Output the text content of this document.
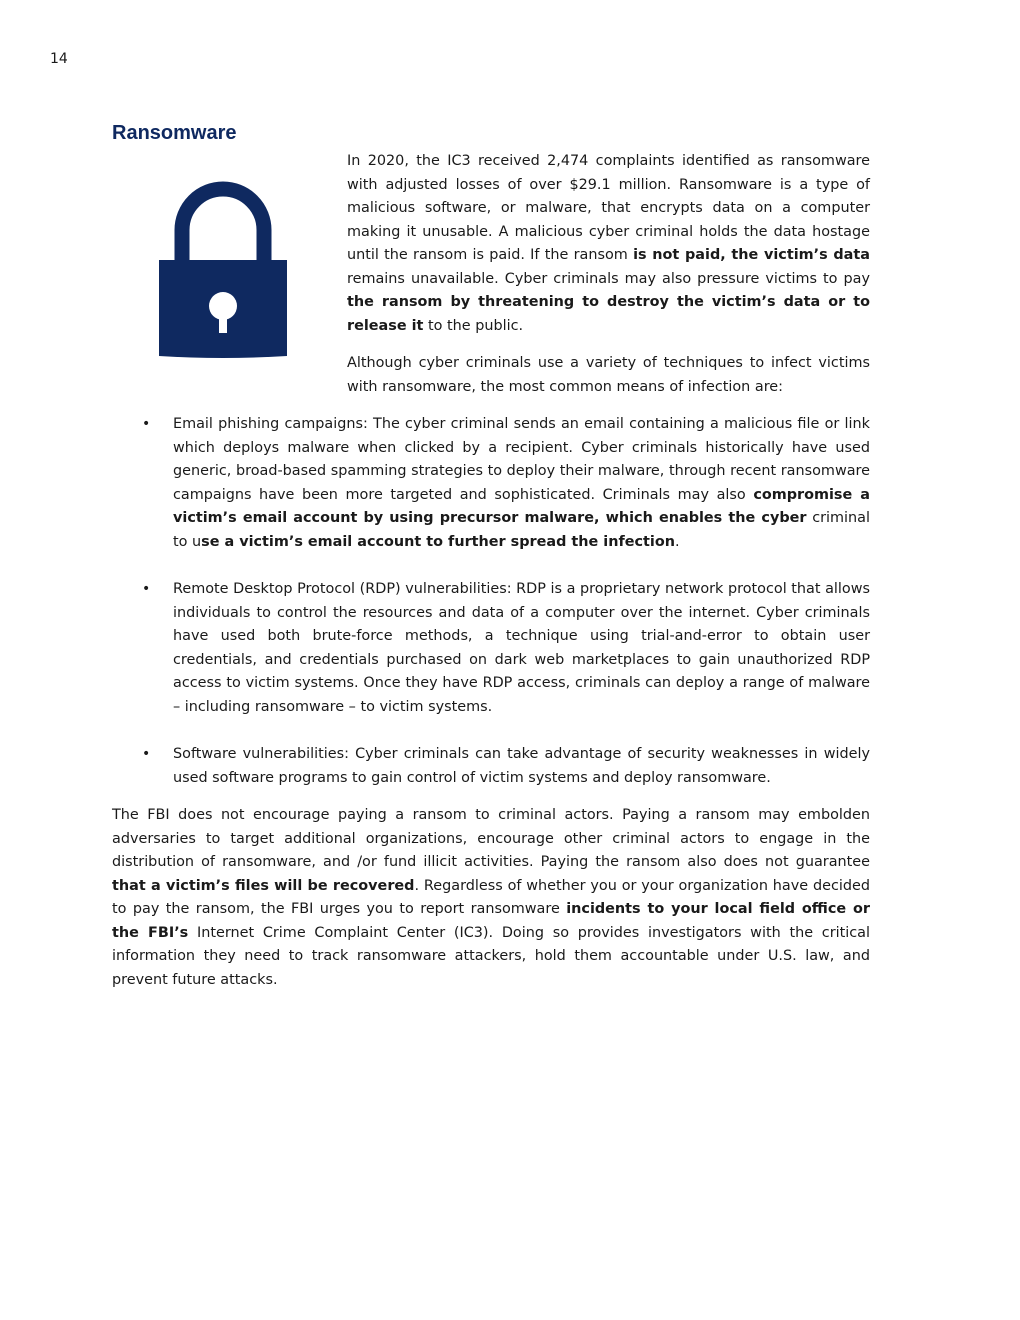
14
Ransomware

In 2020, the IC3 received 2,474 complaints identified as ransomware with adjusted losses of over $29.1 million. Ransomware is a type of malicious software, or malware, that encrypts data on a computer making it unusable. A malicious cyber criminal holds the data hostage until the ransom is paid. If the ransom is not paid, the victim’s data remains unavailable. Cyber criminals may also pressure victims to pay the ransom by threatening to destroy the victim’s data or to release it to the public.

Although cyber criminals use a variety of techniques to infect victims with ransomware, the most common means of infection are:

• Email phishing campaigns: The cyber criminal sends an email containing a malicious file or link which deploys malware when clicked by a recipient. Cyber criminals historically have used generic, broad-based spamming strategies to deploy their malware, through recent ransomware campaigns have been more targeted and sophisticated. Criminals may also compromise a victim’s email account by using precursor malware, which enables the cyber criminal to use a victim’s email account to further spread the infection.
• Remote Desktop Protocol (RDP) vulnerabilities: RDP is a proprietary network protocol that allows individuals to control the resources and data of a computer over the internet. Cyber criminals have used both brute-force methods, a technique using trial-and-error to obtain user credentials, and credentials purchased on dark web marketplaces to gain unauthorized RDP access to victim systems. Once they have RDP access, criminals can deploy a range of malware – including ransomware – to victim systems.
• Software vulnerabilities: Cyber criminals can take advantage of security weaknesses in widely used software programs to gain control of victim systems and deploy ransomware.

The FBI does not encourage paying a ransom to criminal actors. Paying a ransom may embolden adversaries to target additional organizations, encourage other criminal actors to engage in the distribution of ransomware, and /or fund illicit activities. Paying the ransom also does not guarantee that a victim’s files will be recovered. Regardless of whether you or your organization have decided to pay the ransom, the FBI urges you to report ransomware incidents to your local field office or the FBI’s Internet Crime Complaint Center (IC3). Doing so provides investigators with the critical information they need to track ransomware attackers, hold them accountable under U.S. law, and prevent future attacks.
